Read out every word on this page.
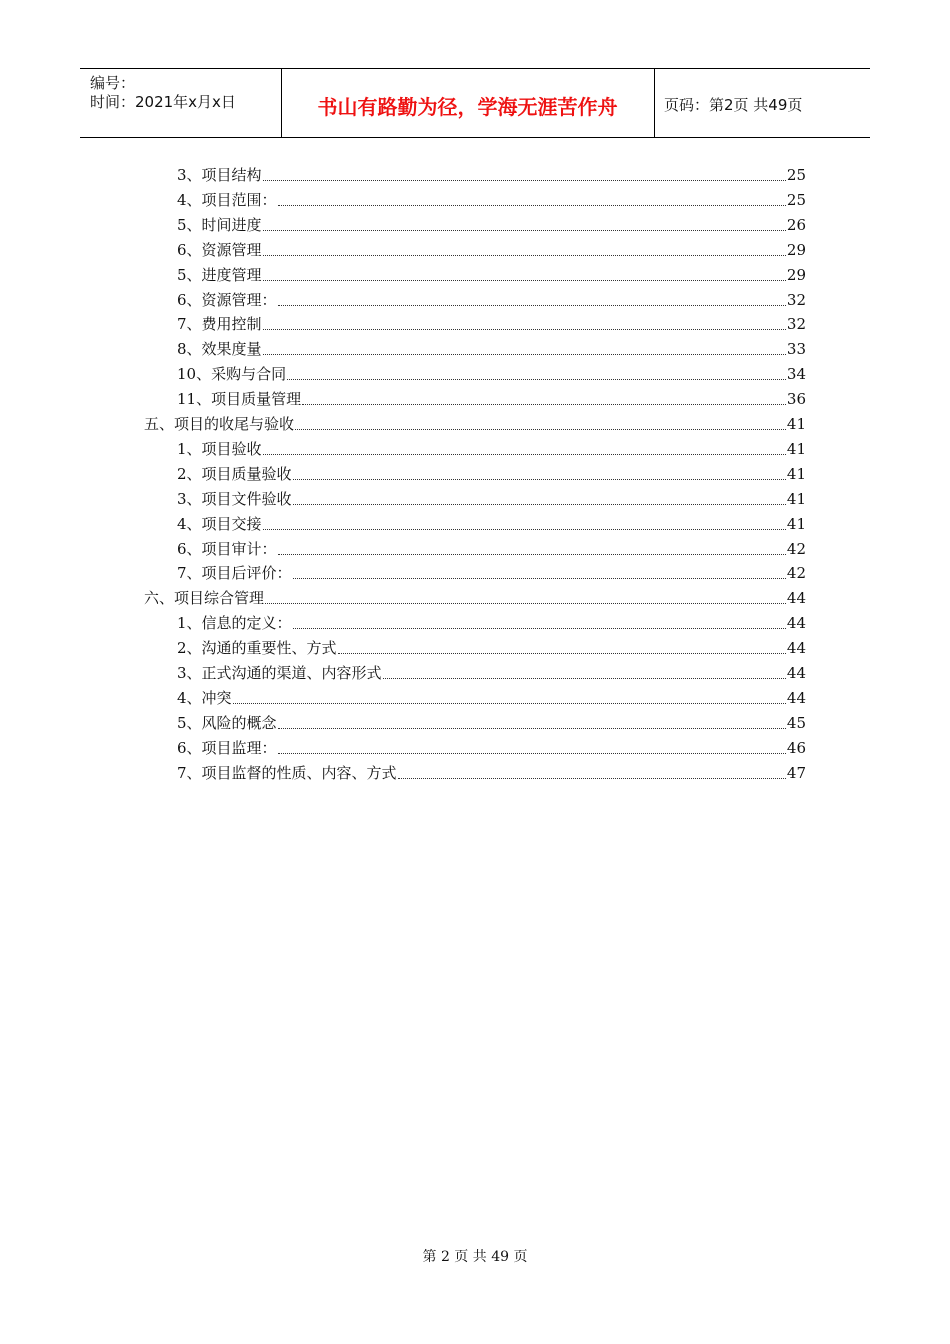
编号：
时间：2021年x月x日	书山有路勤为径，学海无涯苦作舟	页码：第2页 共49页
3、项目结构	25
4、项目范围：	25
5、时间进度	26
6、资源管理	29
5、进度管理	29
6、资源管理：	32
7、费用控制	32
8、效果度量	33
10、采购与合同	34
11、项目质量管理	36
五、项目的收尾与验收	41
1、项目验收	41
2、项目质量验收	41
3、项目文件验收	41
4、项目交接	41
6、项目审计：	42
7、项目后评价：	42
六、项目综合管理	44
1、信息的定义：	44
2、沟通的重要性、方式	44
3、正式沟通的渠道、内容形式	44
4、冲突	44
5、风险的概念	45
6、项目监理：	46
7、项目监督的性质、内容、方式	47
第 2 页 共 49 页
